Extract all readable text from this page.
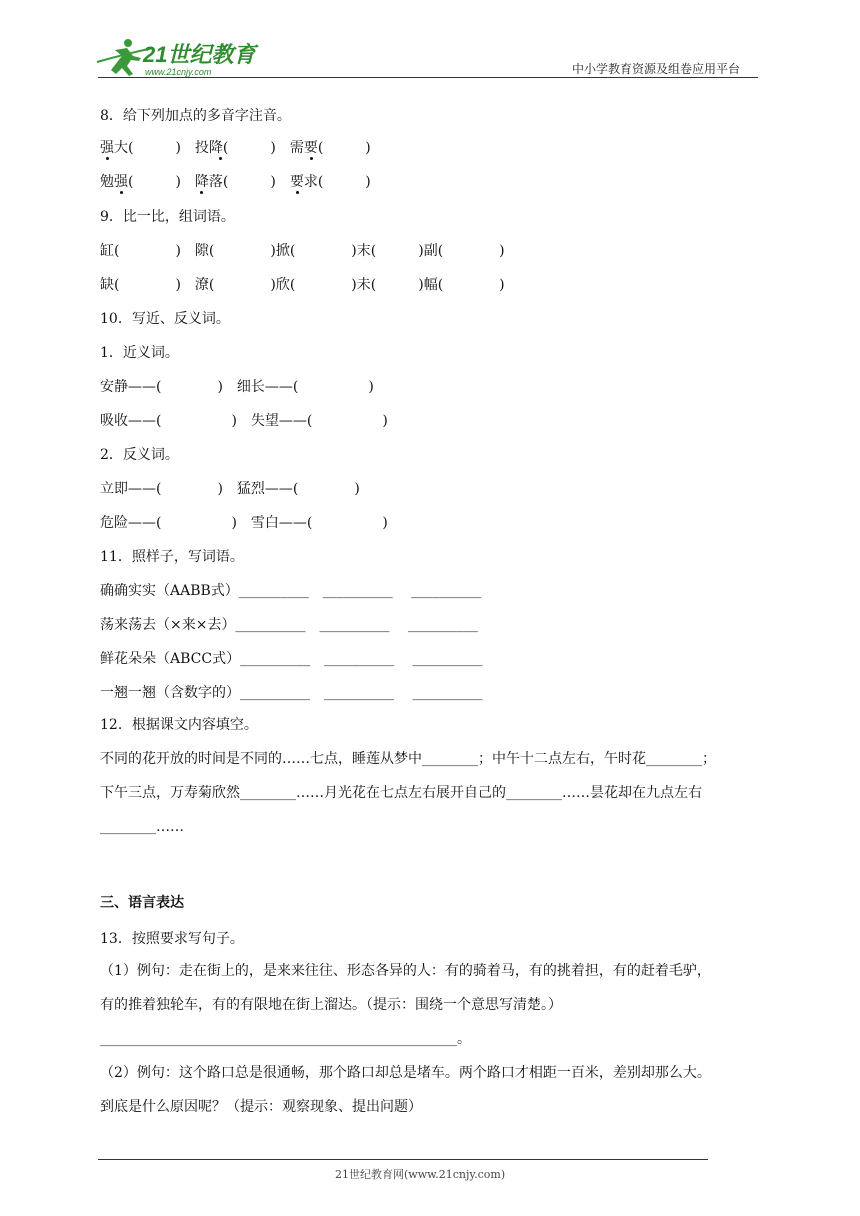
21世纪教育
www.21cnjy.com	中小学教育资源及组卷应用平台
8．给下列加点的多音字注音。
强大(　　　)　投降(　　　)　需要(　　　)
勉强(　　　)　降落(　　　)　要求(　　　)
9．比一比，组词语。
缸(　　　　)　隙(　　　　)掀(　　　　)末(　　　)副(　　　　)
缺(　　　　)　潦(　　　　)欣(　　　　)未(　　　)幅(　　　　)
10．写近、反义词。
1．近义词。
安静——(　　　　)　细长——(　　　　　)
吸收——(　　　　　)　失望——(　　　　　)
2．反义词。
立即——(　　　　)　猛烈——(　　　　)
危险——(　　　　　)　雪白——(　　　　　)
11．照样子，写词语。
确确实实（AABB式）__________　__________　 __________
荡来荡去（×来×去）__________　__________　 __________
鲜花朵朵（ABCC式）__________　__________　 __________
一翘一翘（含数字的）__________　__________　 __________
12．根据课文内容填空。
不同的花开放的时间是不同的……七点，睡莲从梦中________；中午十二点左右，午时花________；
下午三点，万寿菊欣然________……月光花在七点左右展开自己的________……昙花却在九点左右
________……
三、语言表达
13．按照要求写句子。
（1）例句：走在街上的，是来来往往、形态各异的人：有的骑着马，有的挑着担，有的赶着毛驴，
有的推着独轮车，有的有限地在街上溜达。（提示：围绕一个意思写清楚。）
___________________________________________________。
（2）例句：这个路口总是很通畅，那个路口却总是堵车。两个路口才相距一百米，差别却那么大。
到底是什么原因呢？（提示：观察现象、提出问题）
21世纪教育网(www.21cnjy.com)
